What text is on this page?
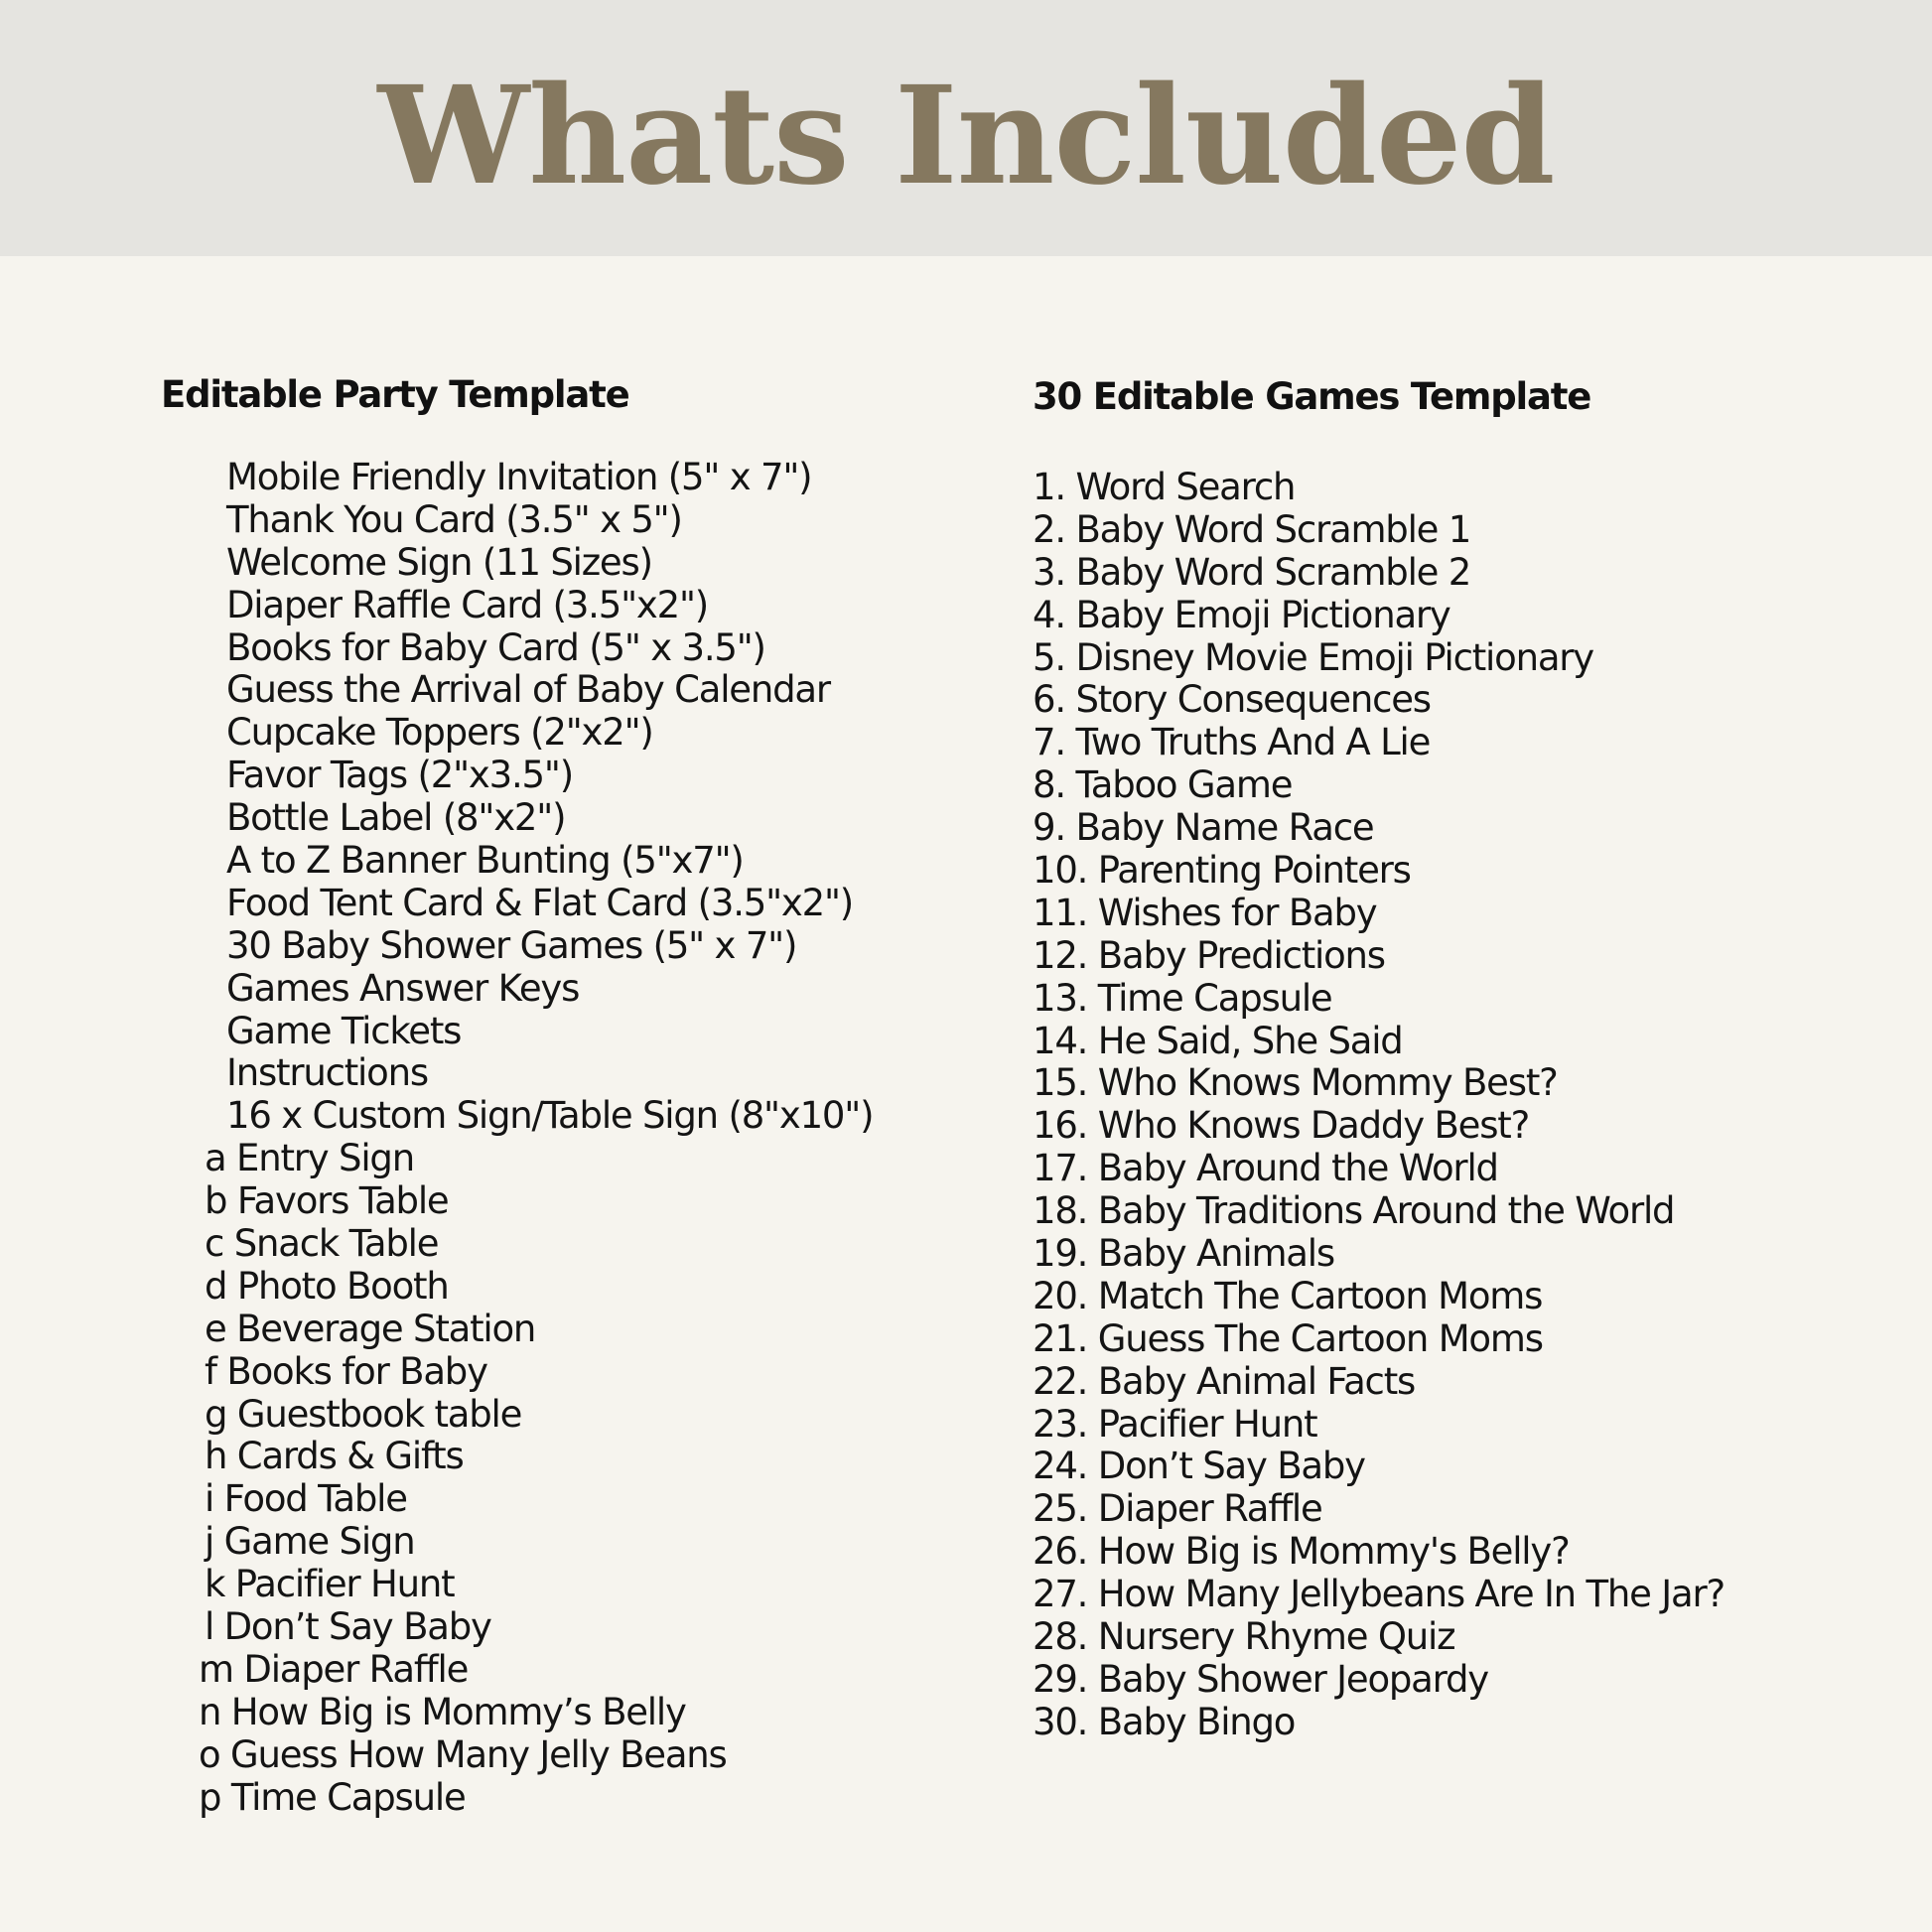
Whats Included
Editable Party Template
Mobile Friendly Invitation (5" x 7")
Thank You Card (3.5" x 5")
Welcome Sign (11 Sizes)
Diaper Raffle Card (3.5"x2")
Books for Baby Card (5" x 3.5")
Guess the Arrival of Baby Calendar
Cupcake Toppers (2"x2")
Favor Tags (2"x3.5")
Bottle Label (8"x2")
A to Z Banner Bunting (5"x7")
Food Tent Card & Flat Card (3.5"x2")
30 Baby Shower Games (5" x 7")
Games Answer Keys
Game Tickets
Instructions
16 x Custom Sign/Table Sign (8"x10")
a Entry Sign
b Favors Table
c Snack Table
d Photo Booth
e Beverage Station
f Books for Baby
g Guestbook table
h Cards & Gifts
i Food Table
j Game Sign
k Pacifier Hunt
l Don’t Say Baby
m Diaper Raffle
n How Big is Mommy’s Belly
o Guess How Many Jelly Beans
p Time Capsule
30 Editable Games Template
1. Word Search
2. Baby Word Scramble 1
3. Baby Word Scramble 2
4. Baby Emoji Pictionary
5. Disney Movie Emoji Pictionary
6. Story Consequences
7. Two Truths And A Lie
8. Taboo Game
9. Baby Name Race
10. Parenting Pointers
11. Wishes for Baby
12. Baby Predictions
13. Time Capsule
14. He Said, She Said
15. Who Knows Mommy Best?
16. Who Knows Daddy Best?
17. Baby Around the World
18. Baby Traditions Around the World
19. Baby Animals
20. Match The Cartoon Moms
21. Guess The Cartoon Moms
22. Baby Animal Facts
23. Pacifier Hunt
24. Don’t Say Baby
25. Diaper Raffle
26. How Big is Mommy's Belly?
27. How Many Jellybeans Are In The Jar?
28. Nursery Rhyme Quiz
29. Baby Shower Jeopardy
30. Baby Bingo
